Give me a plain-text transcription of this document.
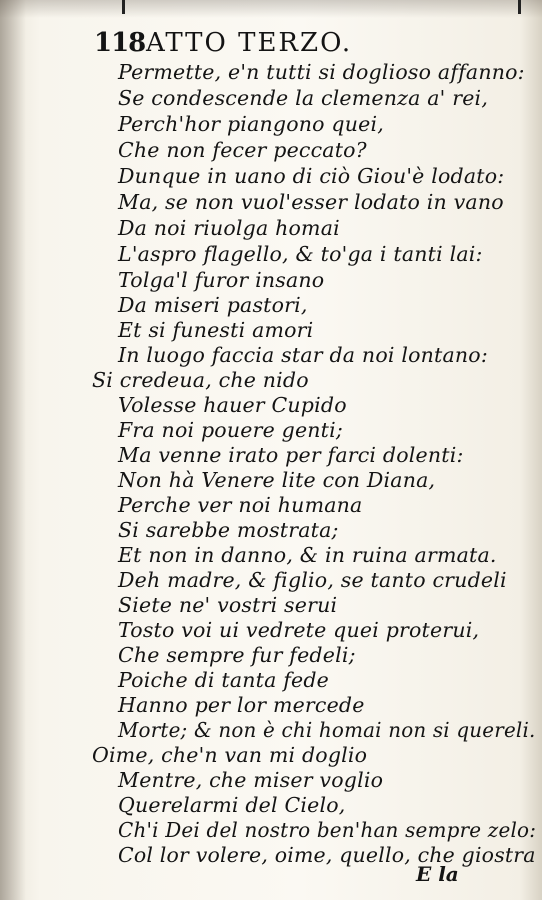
118 ATTO TERZO.
Permette, e'n tutti si doglioso affanno:
Se condescende la clemenza a' rei,
Perch'hor piangono quei,
Che non fecer peccato?
Dunque in uano di ciò Giou'è lodato:
Ma, se non vuol'esser lodato in vano
Da noi riuolga homai
L'aspro flagello, & to'ga i tanti lai:
Tolga'l furor insano
Da miseri pastori,
Et si funesti amori
In luogo faccia star da noi lontano:
Si credeua, che nido
Volesse hauer Cupido
Fra noi pouere genti;
Ma venne irato per farci dolenti:
Non hà Venere lite con Diana,
Perche ver noi humana
Si sarebbe mostrata;
Et non in danno, & in ruina armata.
Deh madre, & figlio, se tanto crudeli
Siete ne' vostri serui
Tosto voi ui vedrete quei proterui,
Che sempre fur fedeli;
Poiche di tanta fede
Hanno per lor mercede
Morte; & non è chi homai non si quereli.
Oime, che'n van mi doglio
Mentre, che miser voglio
Querelarmi del Cielo,
Ch'i Dei del nostro ben'han sempre zelo:
Col lor volere, oime, quello, che giostra
E la
